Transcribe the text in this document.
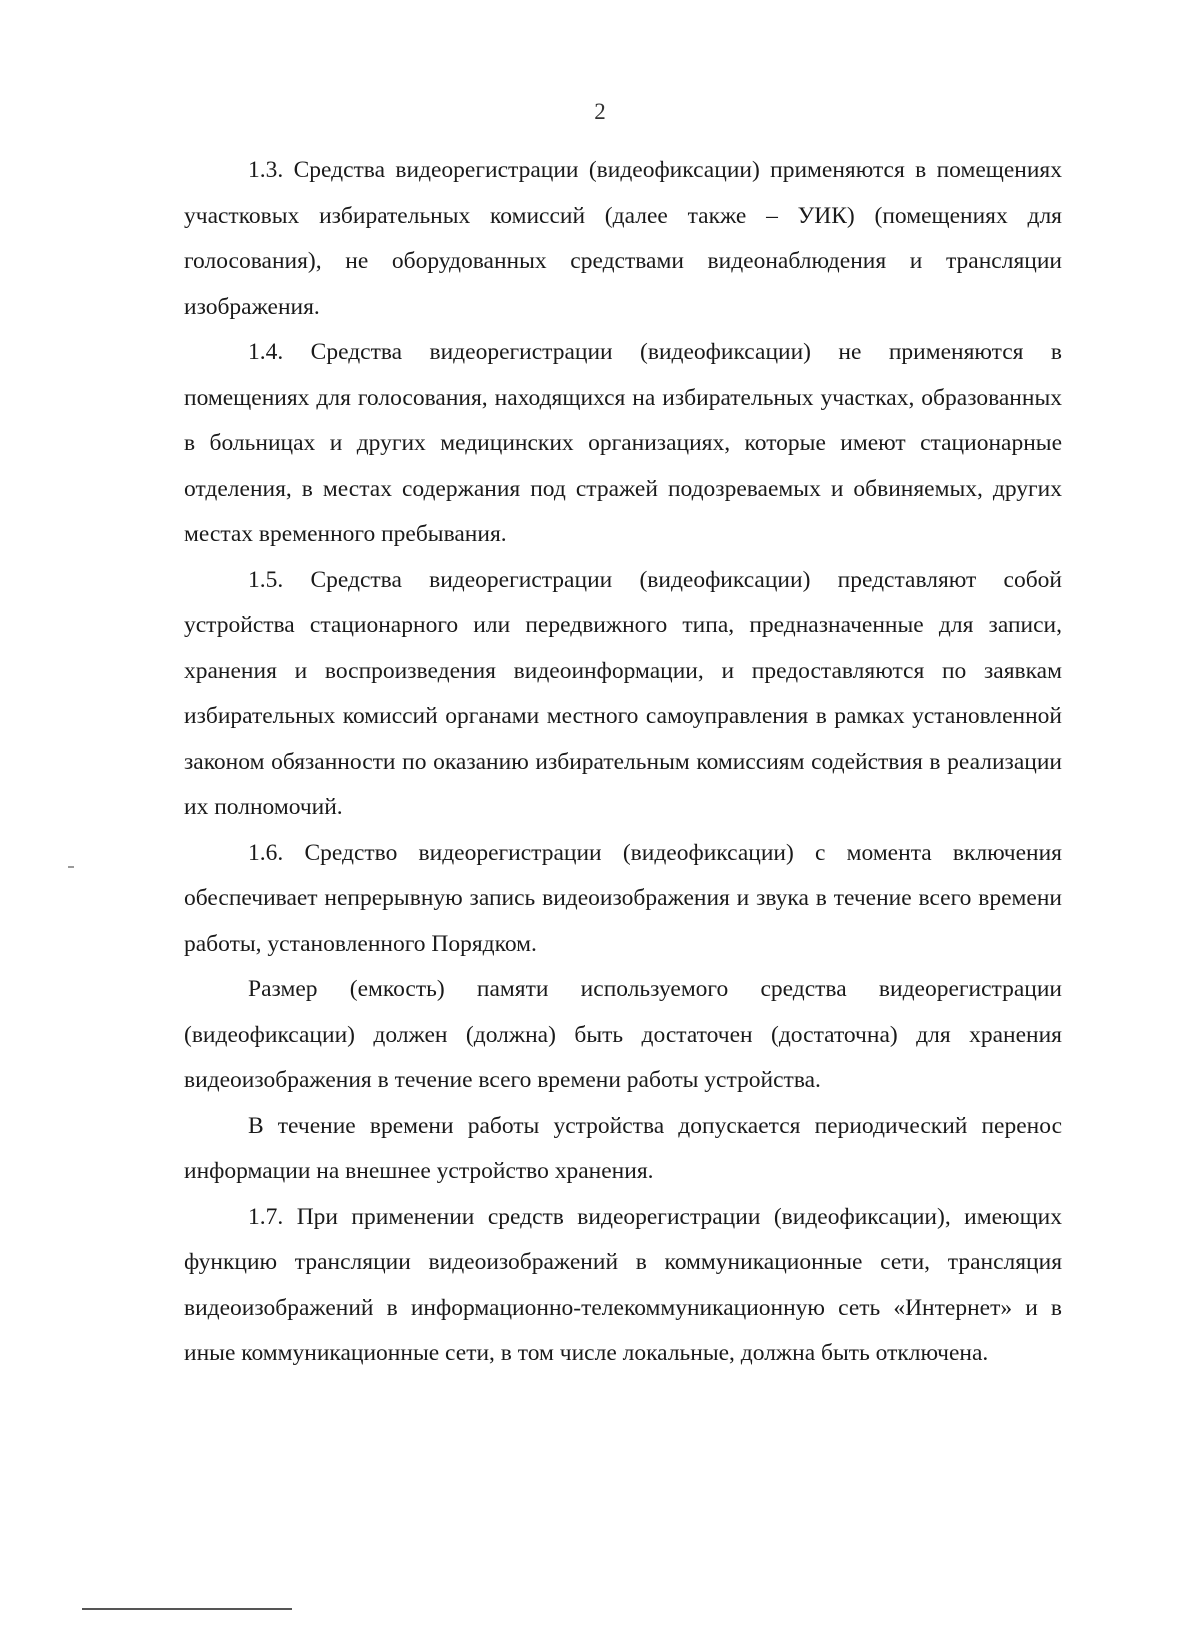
2

1.3. Средства видеорегистрации (видеофиксации) применяются в помещениях участковых избирательных комиссий (далее также – УИК) (помещениях для голосования), не оборудованных средствами видеонаблюдения и трансляции изображения.

1.4. Средства видеорегистрации (видеофиксации) не применяются в помещениях для голосования, находящихся на избирательных участках, образованных в больницах и других медицинских организациях, которые имеют стационарные отделения, в местах содержания под стражей подозреваемых и обвиняемых, других местах временного пребывания.

1.5. Средства видеорегистрации (видеофиксации) представляют собой устройства стационарного или передвижного типа, предназначенные для записи, хранения и воспроизведения видеоинформации, и предоставляются по заявкам избирательных комиссий органами местного самоуправления в рамках установленной законом обязанности по оказанию избирательным комиссиям содействия в реализации их полномочий.

1.6. Средство видеорегистрации (видеофиксации) с момента включения обеспечивает непрерывную запись видеоизображения и звука в течение всего времени работы, установленного Порядком.

Размер (емкость) памяти используемого средства видеорегистрации (видеофиксации) должен (должна) быть достаточен (достаточна) для хранения видеоизображения в течение всего времени работы устройства.

В течение времени работы устройства допускается периодический перенос информации на внешнее устройство хранения.

1.7. При применении средств видеорегистрации (видеофиксации), имеющих функцию трансляции видеоизображений в коммуникационные сети, трансляция видеоизображений в информационно-телекоммуникационную сеть «Интернет» и в иные коммуникационные сети, в том числе локальные, должна быть отключена.
